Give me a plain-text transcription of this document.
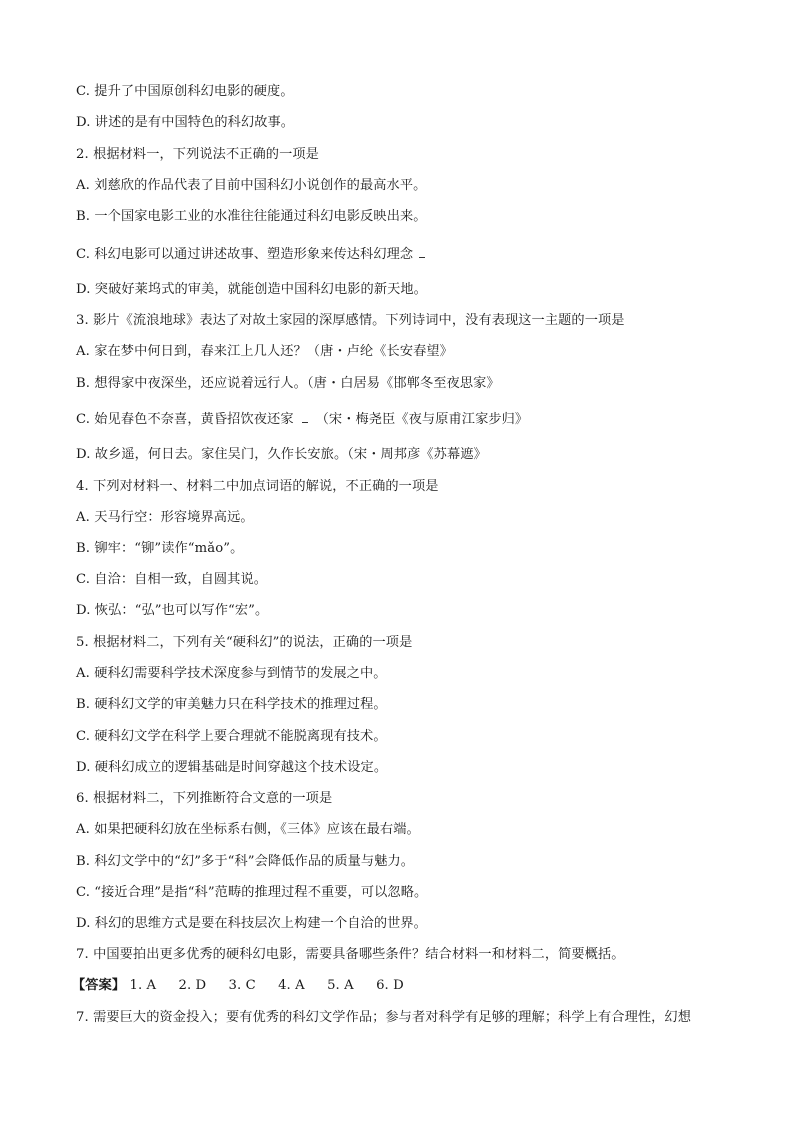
C. 提升了中国原创科幻电影的硬度。
D. 讲述的是有中国特色的科幻故事。
2. 根据材料一，下列说法不正确的一项是
A. 刘慈欣的作品代表了目前中国科幻小说创作的最高水平。
B. 一个国家电影工业的水准往往能通过科幻电影反映出来。
C. 科幻电影可以通过讲述故事、塑造形象来传达科幻理念
D. 突破好莱坞式的审美，就能创造中国科幻电影的新天地。
3. 影片《流浪地球》表达了对故土家园的深厚感情。下列诗词中，没有表现这一主题的一项是
A. 家在梦中何日到，春来江上几人还？（唐・卢纶《长安春望》
B. 想得家中夜深坐，还应说着远行人。（唐・白居易《邯郸冬至夜思家》
C. 始见春色不奈喜，黄昏招饮夜还家 （宋・梅尧臣《夜与原甫江家步归》
D. 故乡遥，何日去。家住吴门，久作长安旅。（宋・周邦彦《苏幕遮》
4. 下列对材料一、材料二中加点词语的解说，不正确的一项是
A. 天马行空：形容境界高远。
B. 铆牢：“铆”读作“mǎo”。
C. 自洽：自相一致，自圆其说。
D. 恢弘：“弘”也可以写作“宏”。
5. 根据材料二，下列有关“硬科幻”的说法，正确的一项是
A. 硬科幻需要科学技术深度参与到情节的发展之中。
B. 硬科幻文学的审美魅力只在科学技术的推理过程。
C. 硬科幻文学在科学上要合理就不能脱离现有技术。
D. 硬科幻成立的逻辑基础是时间穿越这个技术设定。
6. 根据材料二，下列推断符合文意的一项是
A. 如果把硬科幻放在坐标系右侧，《三体》应该在最右端。
B. 科幻文学中的“幻”多于“科”会降低作品的质量与魅力。
C. “接近合理”是指“科”范畴的推理过程不重要，可以忽略。
D. 科幻的思维方式是要在科技层次上构建一个自洽的世界。
7. 中国要拍出更多优秀的硬科幻电影，需要具备哪些条件？结合材料一和材料二，简要概括。
【答案】 1. A 2. D 3. C 4. A 5. A 6. D
7. 需要巨大的资金投入；要有优秀的科幻文学作品；参与者对科学有足够的理解；科学上有合理性，幻想
